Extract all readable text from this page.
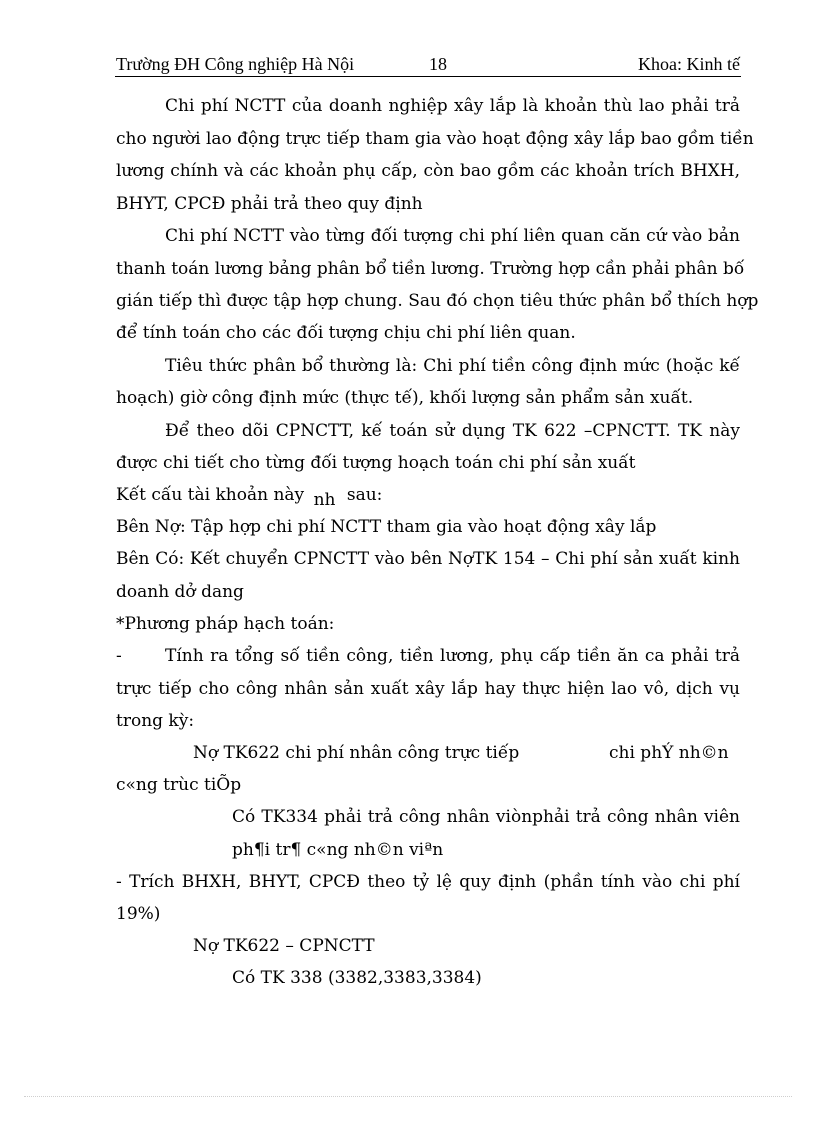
Trường ĐH Công nghiệp Hà Nội	18	Khoa: Kinh tế
Chi phí NCTT của doanh nghiệp xây lắp là khoản thù lao phải trả
cho người lao động trực tiếp tham gia vào hoạt động xây lắp bao gồm tiền
lương chính và các khoản phụ cấp, còn bao gồm các khoản trích BHXH,
BHYT, CPCĐ phải trả theo quy định
Chi phí NCTT vào từng đối tượng chi phí liên quan căn cứ vào bản
thanh toán lương bảng phân bổ tiền lương. Trường hợp cần phải phân bố
gián tiếp thì được tập hợp chung. Sau đó chọn tiêu thức phân bổ thích hợp
để tính toán cho các đối tượng chịu chi phí liên quan.
Tiêu thức phân bổ thường là: Chi phí tiền công định mức (hoặc kế
hoạch) giờ công định mức (thực tế), khối lượng sản phẩm sản xuất.
Để theo dõi CPNCTT, kế toán sử dụng TK 622 –CPNCTT. TK này
được chi tiết cho từng đối tượng hoạch toán chi phí sản xuất
Kết cấu tài khoản này nh sau:
Bên Nợ: Tập hợp chi phí NCTT tham gia vào hoạt động xây lắp
Bên Có: Kết chuyển CPNCTT vào bên NợTK 154 – Chi phí sản xuất kinh
doanh dở dang
*Phương pháp hạch toán:
-	Tính ra tổng số tiền công, tiền lương, phụ cấp tiền ăn ca phải trả
trực tiếp cho công nhân sản xuất xây lắp hay thực hiện lao vô, dịch vụ
trong kỳ:
Nợ TK622 chi phí nhân công trực tiếp	chi phÝ nh©n
c«ng trùc tiÕp
Có TK334 phải trả công nhân viònphải trả công nhân viên
ph¶i tr¶ c«ng nh©n viªn
- Trích BHXH, BHYT, CPCĐ theo tỷ lệ quy định (phần tính vào chi phí
19%)
Nợ TK622 – CPNCTT
Có TK 338 (3382,3383,3384)
